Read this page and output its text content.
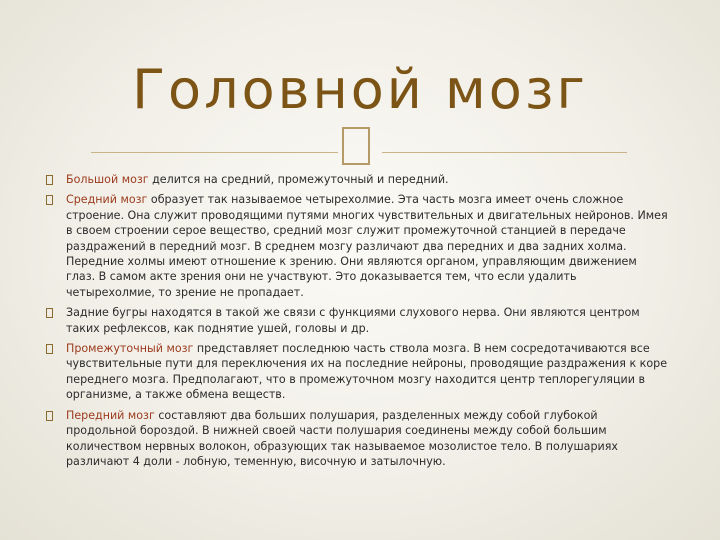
Головной мозг
Большой мозг делится на средний, промежуточный и передний.
Средний мозг образует так называемое четырехолмие. Эта часть мозга имеет очень сложное строение. Она служит проводящими путями многих чувствительных и двигательных нейронов. Имея в своем строении серое вещество, средний мозг служит промежуточной станцией в передаче раздражений в передний мозг. В среднем мозгу различают два передних и два задних холма. Передние холмы имеют отношение к зрению. Они являются органом, управляющим движением глаз. В самом акте зрения они не участвуют. Это доказывается тем, что если удалить четырехолмие, то зрение не пропадает.
Задние бугры находятся в такой же связи с функциями слухового нерва. Они являются центром таких рефлексов, как поднятие ушей, головы и др.
Промежуточный мозг представляет последнюю часть ствола мозга. В нем сосредотачиваются все чувствительные пути для переключения их на последние нейроны, проводящие раздражения к коре переднего мозга. Предполагают, что в промежуточном мозгу находится центр теплорегуляции в организме, а также обмена веществ.
Передний мозг составляют два больших полушария, разделенных между собой глубокой продольной бороздой. В нижней своей части полушария соединены между собой большим количеством нервных волокон, образующих так называемое мозолистое тело. В полушариях различают 4 доли - лобную, теменную, височную и затылочную.
